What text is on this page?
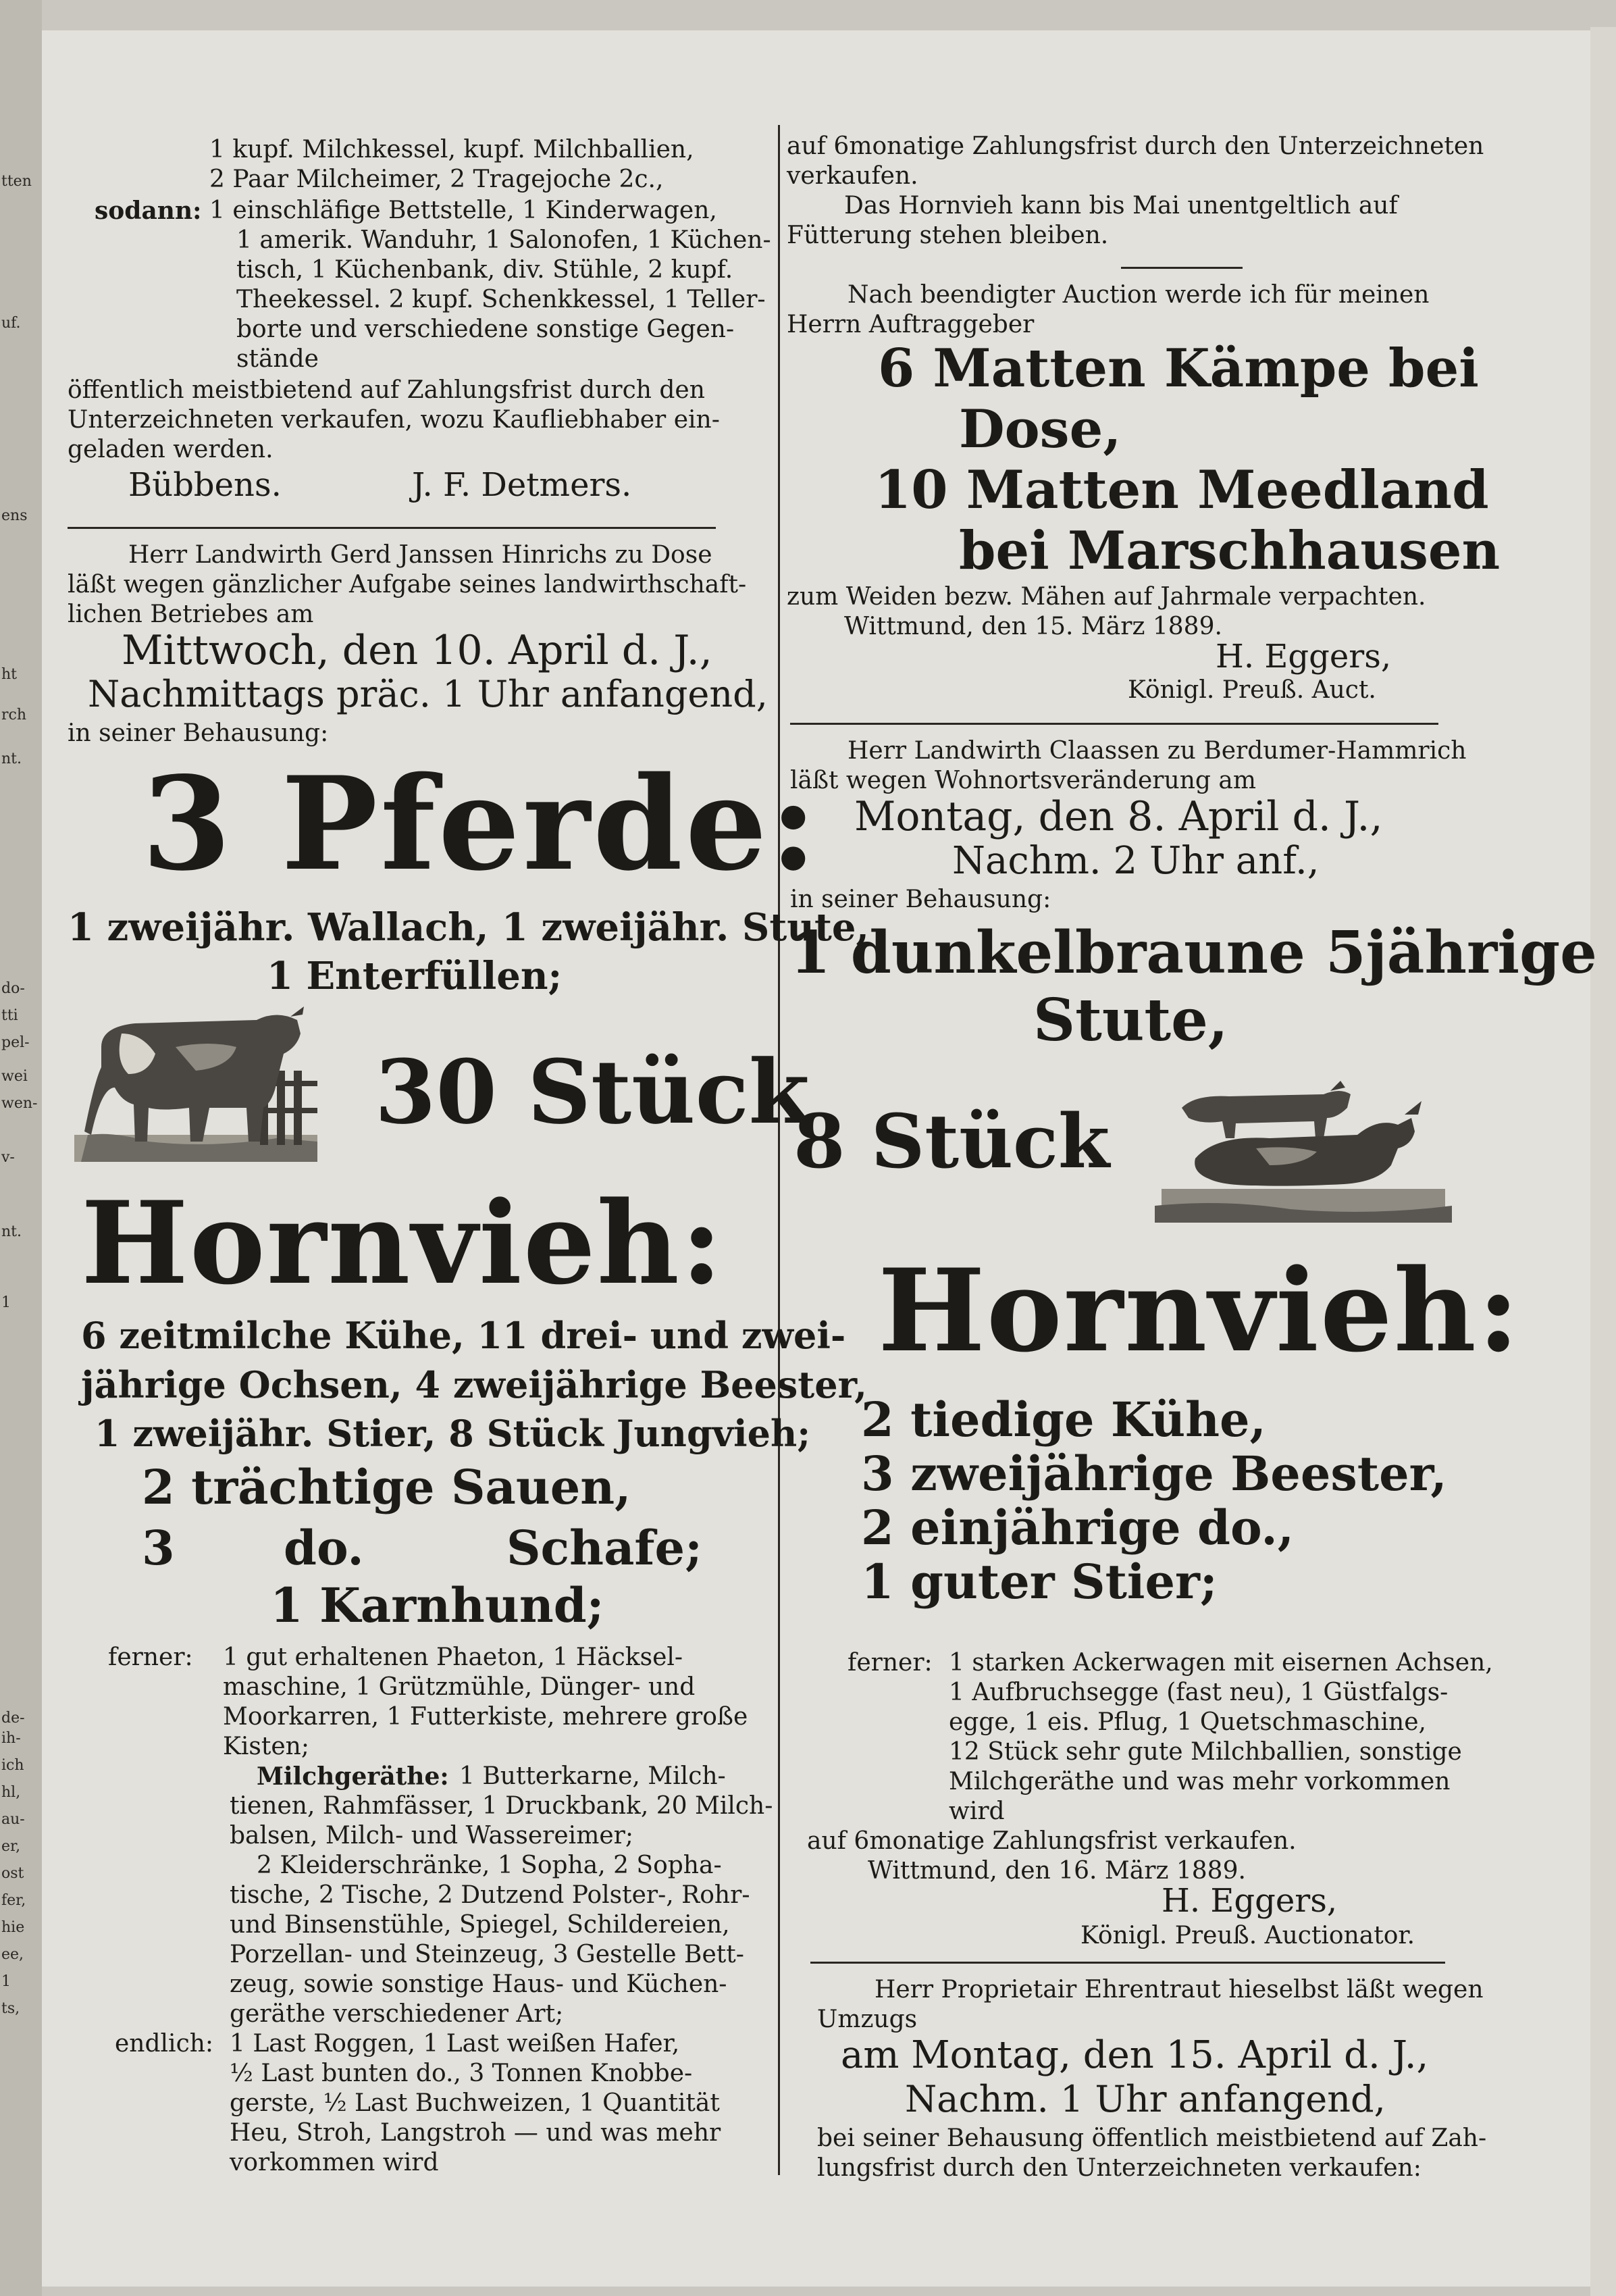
tten
uf.
ens
ht
rch
nt.
do-
tti
pel-
wei
wen-
v-
nt.
1
de-
ih-
ich
hl,
au-
er,
ost
fer,
hie
ee,
1
ts,
1 kupf. Milchkessel, kupf. Milchballien,
2 Paar Milcheimer, 2 Tragejoche 2c.,
sodann: 1 einschläfige Bettstelle, 1 Kinderwagen,
1 amerik. Wanduhr, 1 Salonofen, 1 Küchen-
tisch, 1 Küchenbank, div. Stühle, 2 kupf.
Theekessel. 2 kupf. Schenkkessel, 1 Teller-
borte und verschiedene sonstige Gegen-
stände
öffentlich meistbietend auf Zahlungsfrist durch den
Unterzeichneten verkaufen, wozu Kaufliebhaber ein-
geladen werden.
Bübbens.	J. F. Detmers.
Herr Landwirth Gerd Janssen Hinrichs zu Dose
läßt wegen gänzlicher Aufgabe seines landwirthschaft-
lichen Betriebes am
Mittwoch, den 10. April d. J.,
Nachmittags präc. 1 Uhr anfangend,
in seiner Behausung:
3 Pferde:
1 zweijähr. Wallach, 1 zweijähr. Stute,
1 Enterfüllen;
30 Stück
Hornvieh:
6 zeitmilche Kühe, 11 drei- und zwei-
jährige Ochsen, 4 zweijährige Beester,
1 zweijähr. Stier, 8 Stück Jungvieh;
2 trächtige Sauen,
3 do.	Schafe;
1 Karnhund;
ferner: 1 gut erhaltenen Phaeton, 1 Häcksel-
maschine, 1 Grützmühle, Dünger- und
Moorkarren, 1 Futterkiste, mehrere große
Kisten;
Milchgeräthe: 1 Butterkarne, Milch-
tienen, Rahmfässer, 1 Druckbank, 20 Milch-
balsen, Milch- und Wassereimer;
2 Kleiderschränke, 1 Sopha, 2 Sopha-
tische, 2 Tische, 2 Dutzend Polster-, Rohr-
und Binsenstühle, Spiegel, Schildereien,
Porzellan- und Steinzeug, 3 Gestelle Bett-
zeug, sowie sonstige Haus- und Küchen-
geräthe verschiedener Art;
endlich: 1 Last Roggen, 1 Last weißen Hafer,
½ Last bunten do., 3 Tonnen Knobbe-
gerste, ½ Last Buchweizen, 1 Quantität
Heu, Stroh, Langstroh — und was mehr
vorkommen wird
auf 6monatige Zahlungsfrist durch den Unterzeichneten
verkaufen.
Das Hornvieh kann bis Mai unentgeltlich auf
Fütterung stehen bleiben.
Nach beendigter Auction werde ich für meinen
Herrn Auftraggeber
6 Matten Kämpe bei
Dose,
10 Matten Meedland
bei Marschhausen
zum Weiden bezw. Mähen auf Jahrmale verpachten.
Wittmund, den 15. März 1889.
H. Eggers,
Königl. Preuß. Auct.
Herr Landwirth Claassen zu Berdumer-Hammrich
läßt wegen Wohnortsveränderung am
Montag, den 8. April d. J.,
Nachm. 2 Uhr anf.,
in seiner Behausung:
1 dunkelbraune 5jährige
Stute,
8 Stück
Hornvieh:
2 tiedige Kühe,
3 zweijährige Beester,
2 einjährige do.,
1 guter Stier;
ferner: 1 starken Ackerwagen mit eisernen Achsen,
1 Aufbruchsegge (fast neu), 1 Güstfalgs-
egge, 1 eis. Pflug, 1 Quetschmaschine,
12 Stück sehr gute Milchballien, sonstige
Milchgeräthe und was mehr vorkommen
wird
auf 6monatige Zahlungsfrist verkaufen.
Wittmund, den 16. März 1889.
H. Eggers,
Königl. Preuß. Auctionator.
Herr Proprietair Ehrentraut hieselbst läßt wegen
Umzugs
am Montag, den 15. April d. J.,
Nachm. 1 Uhr anfangend,
bei seiner Behausung öffentlich meistbietend auf Zah-
lungsfrist durch den Unterzeichneten verkaufen:
